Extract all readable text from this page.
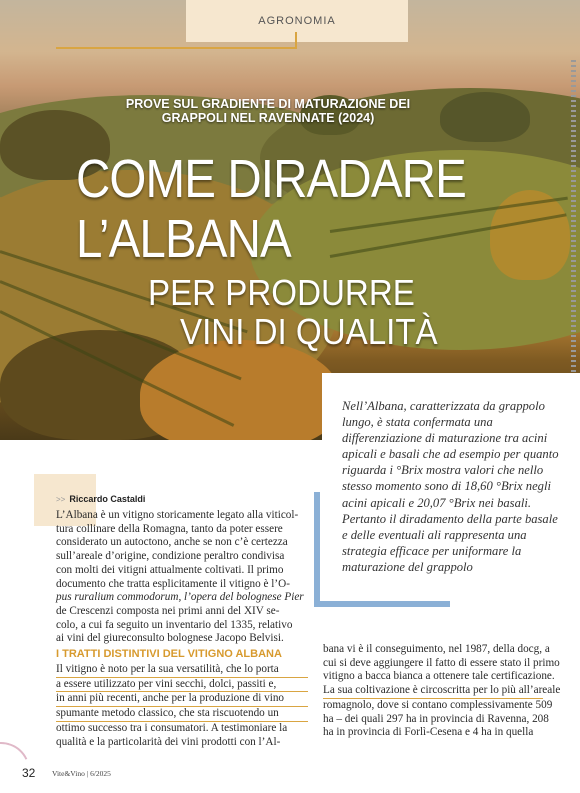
AGRONOMIA
PROVE SUL GRADIENTE DI MATURAZIONE DEI GRAPPOLI NEL RAVENNATE (2024)
COME DIRADARE
L’ALBANA
PER PRODURRE
VINI DI QUALITÀ

Nell’Albana, caratterizzata da grappolo lungo, è stata confermata una differenziazione di maturazione tra acini apicali e basali che ad esempio per quanto riguarda i °Brix mostra valori che nello stesso momento sono di 18,60 °Brix negli acini apicali e 20,07 °Brix nei basali. Pertanto il diradamento della parte basale e delle eventuali ali rappresenta una strategia efficace per uniformare la maturazione del grappolo

>> Riccardo Castaldi
L’Albana è un vitigno storicamente legato alla viticol-
tura collinare della Romagna, tanto da poter essere
considerato un autoctono, anche se non c’è certezza
sull’areale d’origine, condizione peraltro condivisa
con molti dei vitigni attualmente coltivati. Il primo
documento che tratta esplicitamente il vitigno è l’O-
pus ruralium commodorum, l’opera del bolognese Pier
de Crescenzi composta nei primi anni del XIV se-
colo, a cui fa seguito un inventario del 1335, relativo
ai vini del giureconsulto bolognese Jacopo Belvisi.
I TRATTI DISTINTIVI DEL VITIGNO ALBANA
Il vitigno è noto per la sua versatilità, che lo porta
a essere utilizzato per vini secchi, dolci, passiti e,
in anni più recenti, anche per la produzione di vino
spumante metodo classico, che sta riscuotendo un
ottimo successo tra i consumatori. A testimoniare la
qualità e la particolarità dei vini prodotti con l’Al-
bana vi è il conseguimento, nel 1987, della docg, a
cui si deve aggiungere il fatto di essere stato il primo
vitigno a bacca bianca a ottenere tale certificazione.
La sua coltivazione è circoscritta per lo più all’areale
romagnolo, dove si contano complessivamente 509
ha – dei quali 297 ha in provincia di Ravenna, 208
ha in provincia di Forlì-Cesena e 4 ha in quella
32 Vite&Vino | 6/2025
